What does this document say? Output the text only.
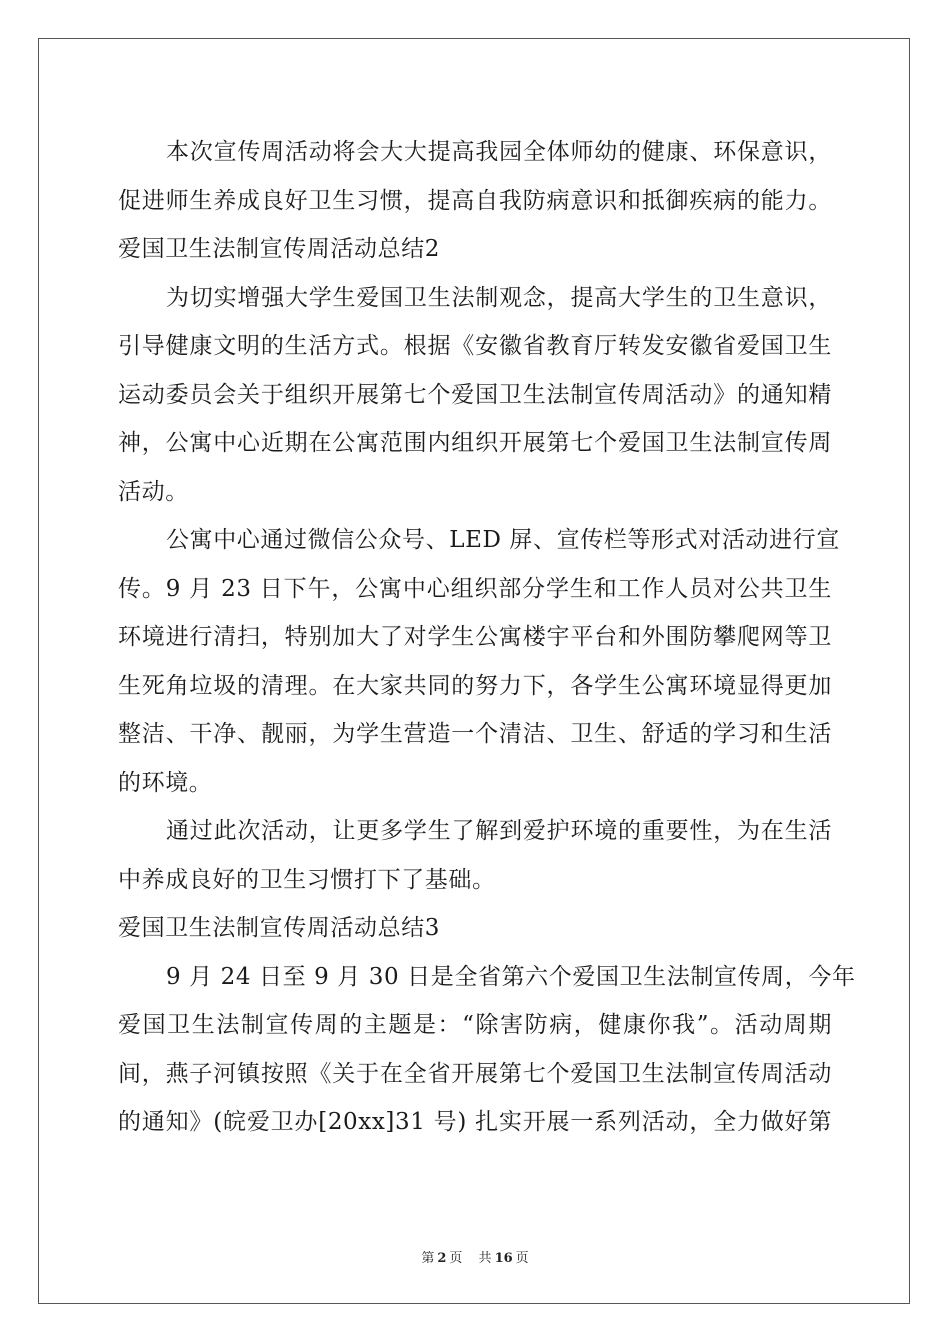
本次宣传周活动将会大大提高我园全体师幼的健康、环保意识，
促进师生养成良好卫生习惯，提高自我防病意识和抵御疾病的能力。
爱国卫生法制宣传周活动总结2
为切实增强大学生爱国卫生法制观念，提高大学生的卫生意识，
引导健康文明的生活方式。根据《安徽省教育厅转发安徽省爱国卫生
运动委员会关于组织开展第七个爱国卫生法制宣传周活动》的通知精
神，公寓中心近期在公寓范围内组织开展第七个爱国卫生法制宣传周
活动。
公寓中心通过微信公众号、LED 屏、宣传栏等形式对活动进行宣
传。9 月 23 日下午，公寓中心组织部分学生和工作人员对公共卫生
环境进行清扫，特别加大了对学生公寓楼宇平台和外围防攀爬网等卫
生死角垃圾的清理。在大家共同的努力下，各学生公寓环境显得更加
整洁、干净、靓丽，为学生营造一个清洁、卫生、舒适的学习和生活
的环境。
通过此次活动，让更多学生了解到爱护环境的重要性，为在生活
中养成良好的卫生习惯打下了基础。
爱国卫生法制宣传周活动总结3
9 月 24 日至 9 月 30 日是全省第六个爱国卫生法制宣传周，今年
爱国卫生法制宣传周的主题是：“除害防病，健康你我”。活动周期
间，燕子河镇按照《关于在全省开展第七个爱国卫生法制宣传周活动
的通知》(皖爱卫办[20xx]31 号) 扎实开展一系列活动，全力做好第
第 2 页 共 16 页
